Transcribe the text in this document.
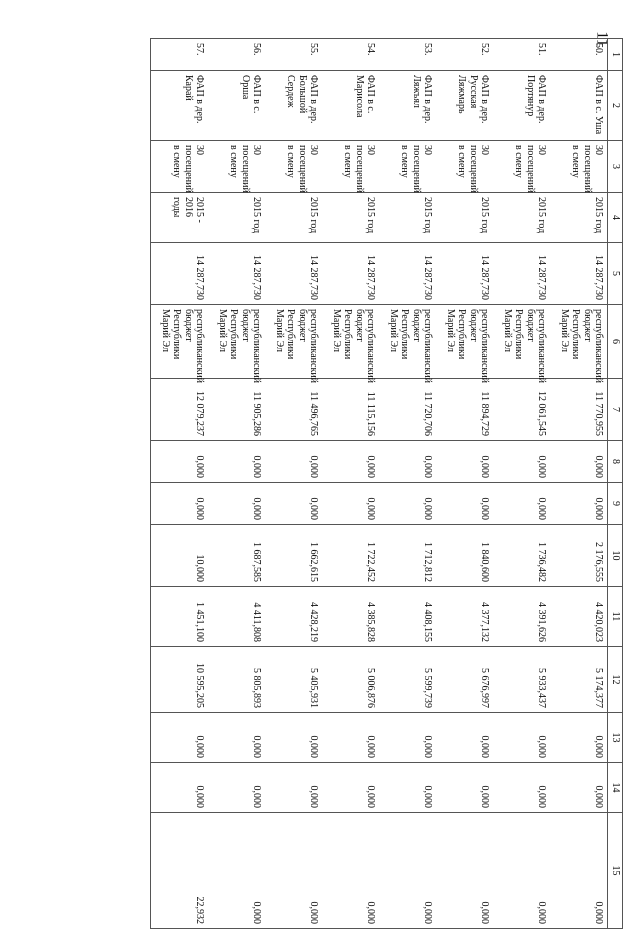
11
1	2	3	4	5	6	7	8	9	10	11	12	13	14	15
50.	ФАП в с. Уша	30 посещений в смену	2015 год	14 287,730	республиканский бюджет Республики Марий Эл	11 770,955	0,000	0,000	2 176,555	4 420,023	5 174,377	0,000	0,000	0,000
51.	ФАП в дер. Портянур	30 посещений в смену	2015 год	14 287,730	республиканский бюджет Республики Марий Эл	12 061,545	0,000	0,000	1 736,482	4 391,626	5 933,437	0,000	0,000	0,000
52.	ФАП в дер. Русская Ляжмарь	30 посещений в смену	2015 год	14 287,730	республиканский бюджет Республики Марий Эл	11 894,729	0,000	0,000	1 840,600	4 377,132	5 676,997	0,000	0,000	0,000
53.	ФАП в дер. Ляжъял	30 посещений в смену	2015 год	14 287,730	республиканский бюджет Республики Марий Эл	11 720,706	0,000	0,000	1 712,812	4 408,155	5 599,739	0,000	0,000	0,000
54.	ФАП в с. Марисола	30 посещений в смену	2015 год	14 287,730	республиканский бюджет Республики Марий Эл	11 115,156	0,000	0,000	1 722,452	4 385,828	5 006,876	0,000	0,000	0,000
55.	ФАП в дер. Большой Сердеж	30 посещений в смену	2015 год	14 287,730	республиканский бюджет Республики Марий Эл	11 496,765	0,000	0,000	1 662,615	4 428,219	5 405,931	0,000	0,000	0,000
56.	ФАП в с. Орша	30 посещений в смену	2015 год	14 287,730	республиканский бюджет Республики Марий Эл	11 905,286	0,000	0,000	1 687,585	4 411,808	5 805,893	0,000	0,000	0,000
57.	ФАП в дер. Карай	30 посещений в смену	2015 - 2016 годы	14 287,730	республиканский бюджет Республики Марий Эл	12 079,237	0,000	0,000	10,000	1 451,100	10 595,205	0,000	0,000	22,932
